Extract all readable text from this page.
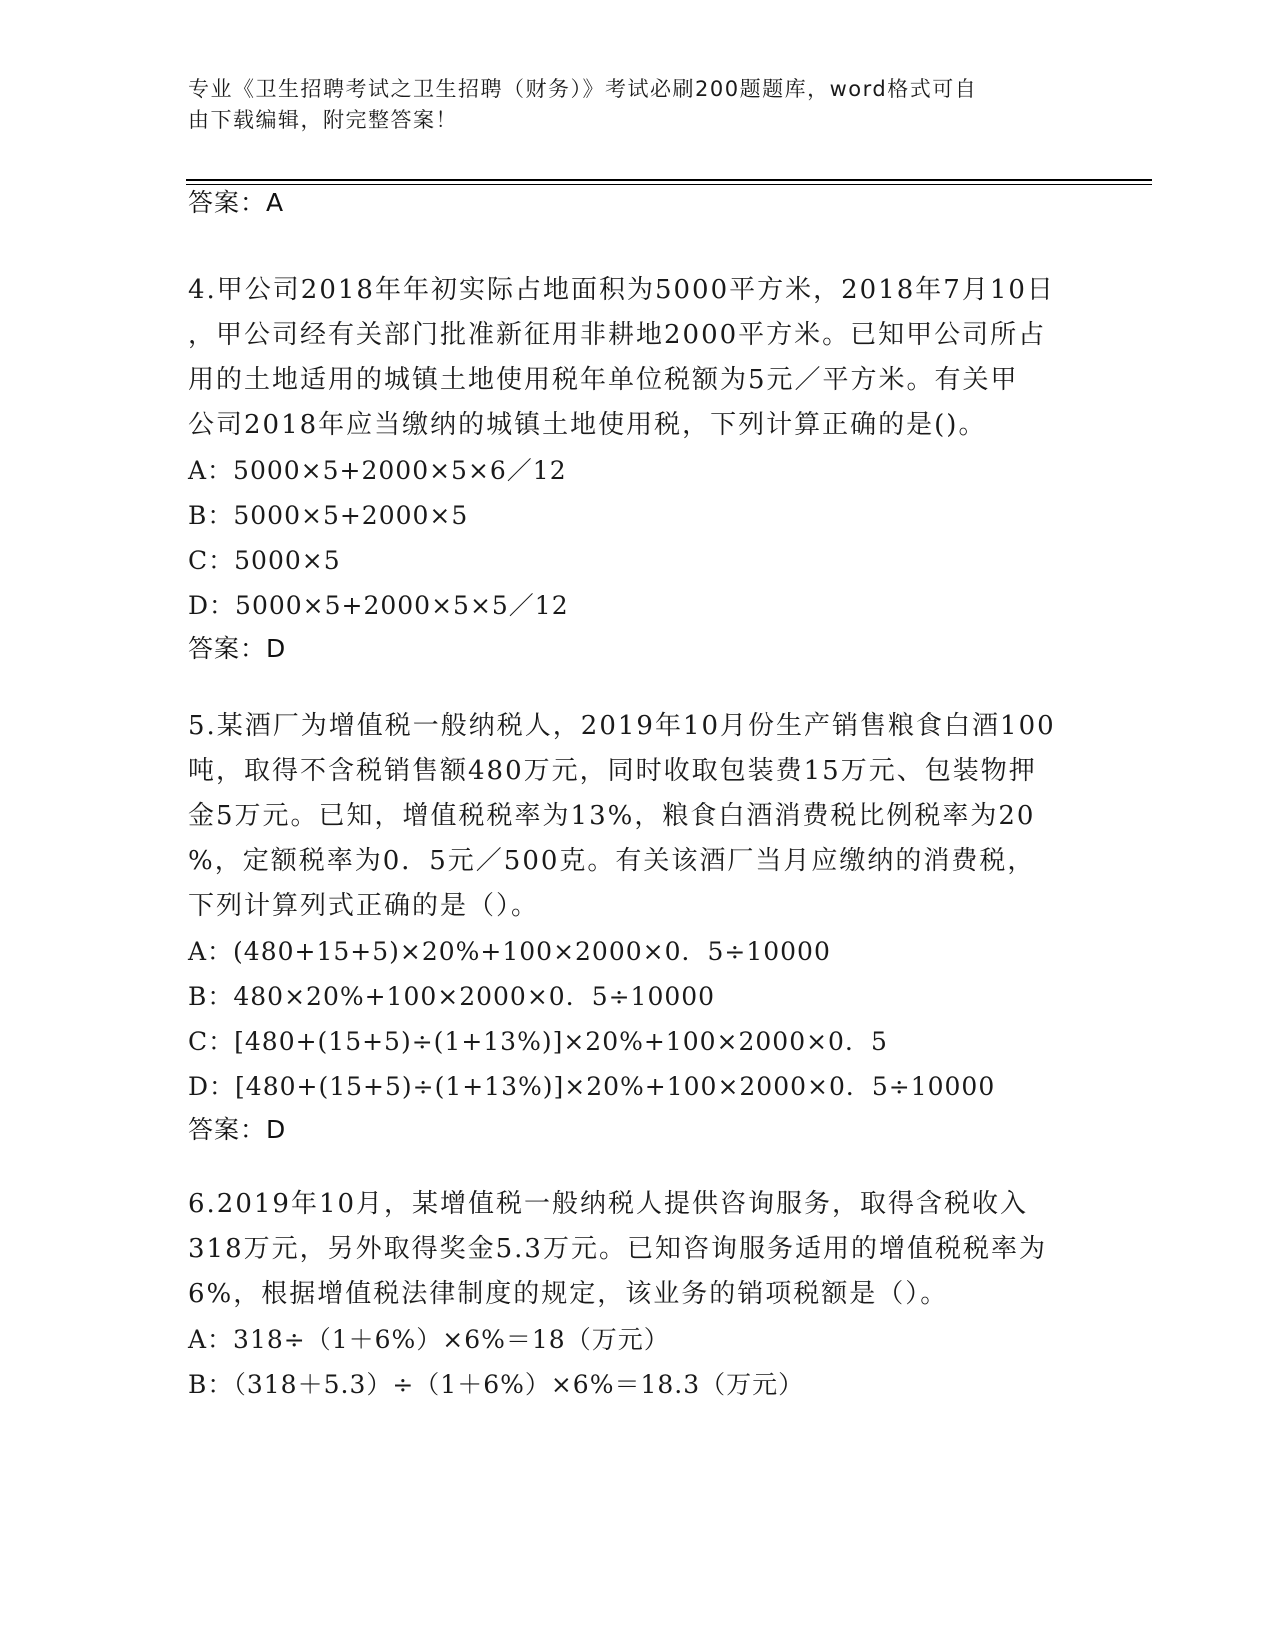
专业《卫生招聘考试之卫生招聘（财务）》考试必刷200题题库，word格式可自
由下载编辑，附完整答案！
答案：A
4.甲公司2018年年初实际占地面积为5000平方米，2018年7月10日
，甲公司经有关部门批准新征用非耕地2000平方米。已知甲公司所占
用的土地适用的城镇土地使用税年单位税额为5元／平方米。有关甲
公司2018年应当缴纳的城镇土地使用税，下列计算正确的是()。
A：5000×5+2000×5×6／12
B：5000×5+2000×5
C：5000×5
D：5000×5+2000×5×5／12
答案：D
5.某酒厂为增值税一般纳税人，2019年10月份生产销售粮食白酒100
吨，取得不含税销售额480万元，同时收取包装费15万元、包装物押
金5万元。已知，增值税税率为13%，粮食白酒消费税比例税率为20
%，定额税率为0．5元／500克。有关该酒厂当月应缴纳的消费税，
下列计算列式正确的是（）。
A：(480+15+5)×20%+100×2000×0．5÷10000
B：480×20%+100×2000×0．5÷10000
C：[480+(15+5)÷(1+13%)]×20%+100×2000×0．5
D：[480+(15+5)÷(1+13%)]×20%+100×2000×0．5÷10000
答案：D
6.2019年10月，某增值税一般纳税人提供咨询服务，取得含税收入
318万元，另外取得奖金5.3万元。已知咨询服务适用的增值税税率为
6%，根据增值税法律制度的规定，该业务的销项税额是（）。
A：318÷（1＋6%）×6%＝18（万元）
B：（318＋5.3）÷（1＋6%）×6%＝18.3（万元）
